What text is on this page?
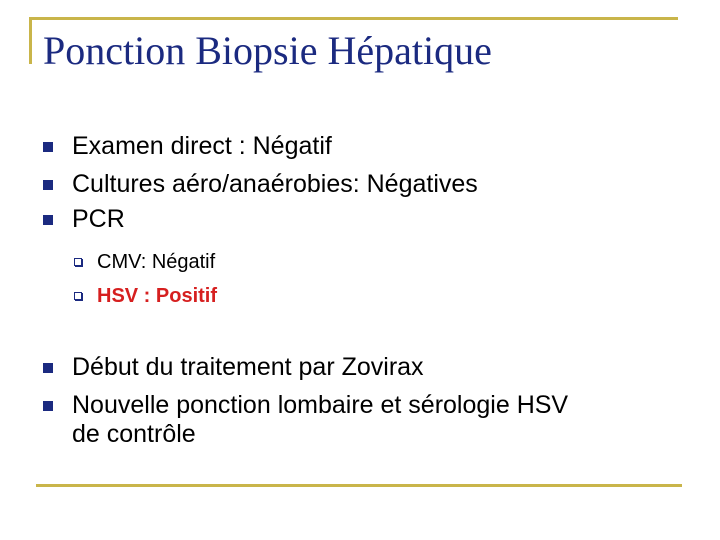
Ponction Biopsie Hépatique
Examen direct : Négatif
Cultures aéro/anaérobies: Négatives
PCR
CMV: Négatif
HSV : Positif
Début du traitement par Zovirax
Nouvelle ponction lombaire et sérologie HSV
de contrôle
